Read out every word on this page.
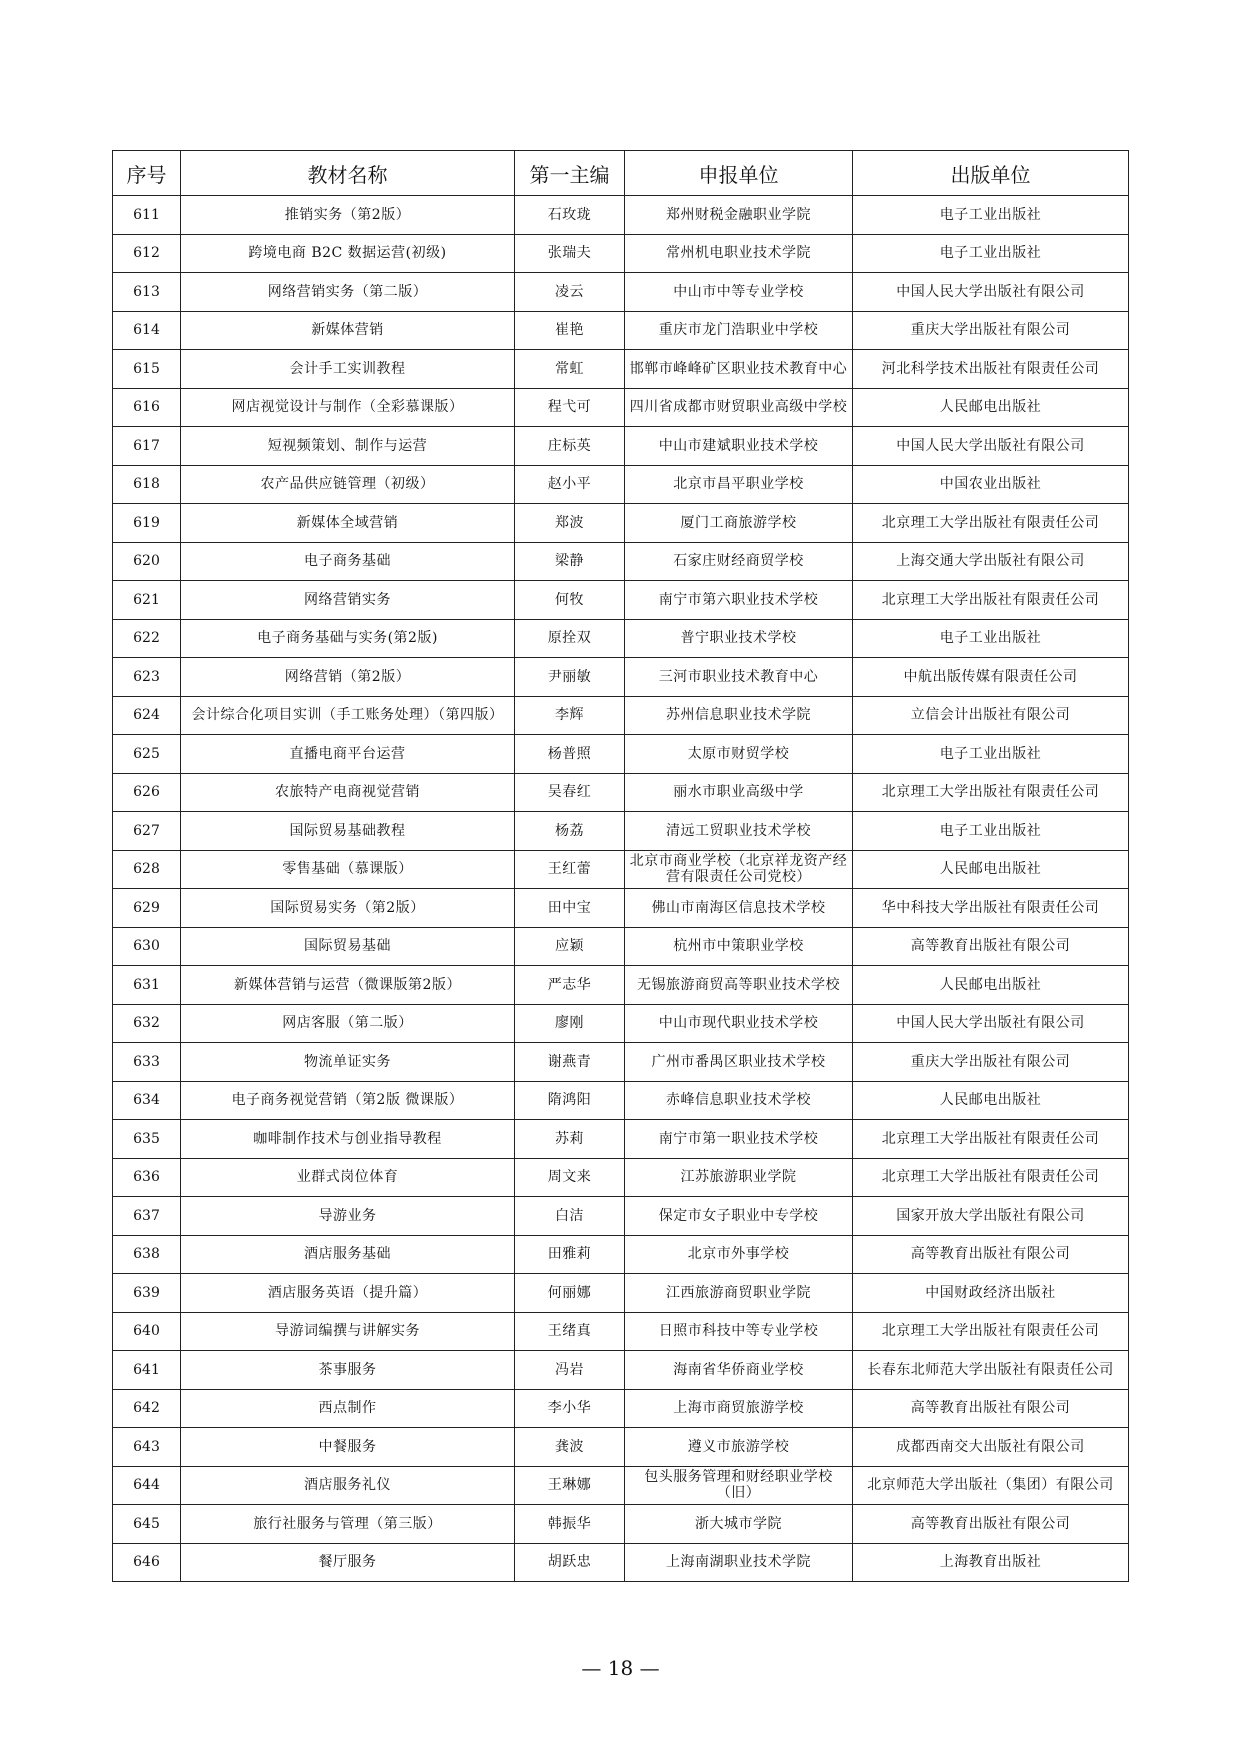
序号	教材名称	第一主编	申报单位	出版单位
611	推销实务（第2版）	石玫珑	郑州财税金融职业学院	电子工业出版社
612	跨境电商 B2C 数据运营(初级)	张瑞夫	常州机电职业技术学院	电子工业出版社
613	网络营销实务（第二版）	凌云	中山市中等专业学校	中国人民大学出版社有限公司
614	新媒体营销	崔艳	重庆市龙门浩职业中学校	重庆大学出版社有限公司
615	会计手工实训教程	常虹	邯郸市峰峰矿区职业技术教育中心	河北科学技术出版社有限责任公司
616	网店视觉设计与制作（全彩慕课版）	程弋可	四川省成都市财贸职业高级中学校	人民邮电出版社
617	短视频策划、制作与运营	庄标英	中山市建斌职业技术学校	中国人民大学出版社有限公司
618	农产品供应链管理（初级）	赵小平	北京市昌平职业学校	中国农业出版社
619	新媒体全域营销	郑波	厦门工商旅游学校	北京理工大学出版社有限责任公司
620	电子商务基础	梁静	石家庄财经商贸学校	上海交通大学出版社有限公司
621	网络营销实务	何牧	南宁市第六职业技术学校	北京理工大学出版社有限责任公司
622	电子商务基础与实务(第2版)	原拴双	普宁职业技术学校	电子工业出版社
623	网络营销（第2版）	尹丽敏	三河市职业技术教育中心	中航出版传媒有限责任公司
624	会计综合化项目实训（手工账务处理）（第四版）	李辉	苏州信息职业技术学院	立信会计出版社有限公司
625	直播电商平台运营	杨普照	太原市财贸学校	电子工业出版社
626	农旅特产电商视觉营销	吴春红	丽水市职业高级中学	北京理工大学出版社有限责任公司
627	国际贸易基础教程	杨荔	清远工贸职业技术学校	电子工业出版社
628	零售基础（慕课版）	王红蕾	北京市商业学校（北京祥龙资产经营有限责任公司党校）	人民邮电出版社
629	国际贸易实务（第2版）	田中宝	佛山市南海区信息技术学校	华中科技大学出版社有限责任公司
630	国际贸易基础	应颖	杭州市中策职业学校	高等教育出版社有限公司
631	新媒体营销与运营（微课版第2版）	严志华	无锡旅游商贸高等职业技术学校	人民邮电出版社
632	网店客服（第二版）	廖刚	中山市现代职业技术学校	中国人民大学出版社有限公司
633	物流单证实务	谢燕青	广州市番禺区职业技术学校	重庆大学出版社有限公司
634	电子商务视觉营销（第2版 微课版）	隋鸿阳	赤峰信息职业技术学校	人民邮电出版社
635	咖啡制作技术与创业指导教程	苏莉	南宁市第一职业技术学校	北京理工大学出版社有限责任公司
636	业群式岗位体育	周文来	江苏旅游职业学院	北京理工大学出版社有限责任公司
637	导游业务	白洁	保定市女子职业中专学校	国家开放大学出版社有限公司
638	酒店服务基础	田雅莉	北京市外事学校	高等教育出版社有限公司
639	酒店服务英语（提升篇）	何丽娜	江西旅游商贸职业学院	中国财政经济出版社
640	导游词编撰与讲解实务	王绪真	日照市科技中等专业学校	北京理工大学出版社有限责任公司
641	茶事服务	冯岩	海南省华侨商业学校	长春东北师范大学出版社有限责任公司
642	西点制作	李小华	上海市商贸旅游学校	高等教育出版社有限公司
643	中餐服务	龚波	遵义市旅游学校	成都西南交大出版社有限公司
644	酒店服务礼仪	王琳娜	包头服务管理和财经职业学校（旧）	北京师范大学出版社（集团）有限公司
645	旅行社服务与管理（第三版）	韩振华	浙大城市学院	高等教育出版社有限公司
646	餐厅服务	胡跃忠	上海南湖职业技术学院	上海教育出版社
— 18 —
